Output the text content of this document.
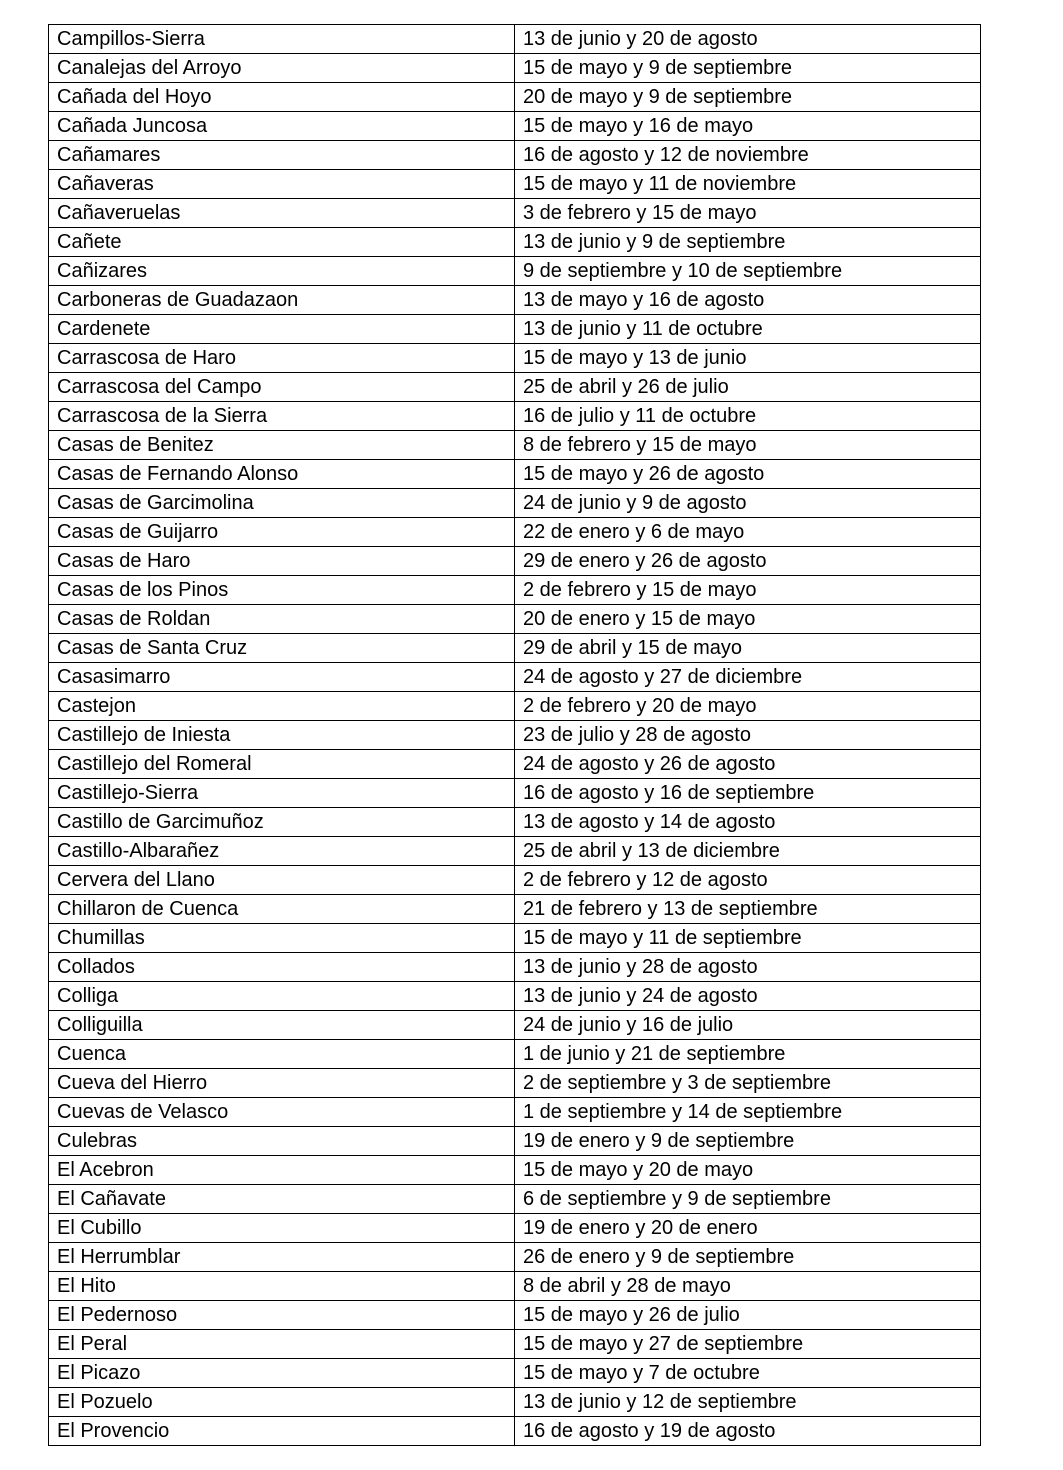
Campillos-Sierra	13 de junio y 20 de agosto
Canalejas del Arroyo	15 de mayo y 9 de septiembre
Cañada del Hoyo	20 de mayo y 9 de septiembre
Cañada Juncosa	15 de mayo y 16 de mayo
Cañamares	16 de agosto y 12 de noviembre
Cañaveras	15 de mayo y 11 de noviembre
Cañaveruelas	3 de febrero y 15 de mayo
Cañete	13 de junio y 9 de septiembre
Cañizares	9 de septiembre y 10 de septiembre
Carboneras de Guadazaon	13 de mayo y 16 de agosto
Cardenete	13 de junio y 11 de octubre
Carrascosa de Haro	15 de mayo y 13 de junio
Carrascosa del Campo	25 de abril y 26 de julio
Carrascosa de la Sierra	16 de julio y 11 de octubre
Casas de Benitez	8 de febrero y 15 de mayo
Casas de Fernando Alonso	15 de mayo y 26 de agosto
Casas de Garcimolina	24 de junio y 9 de agosto
Casas de Guijarro	22 de enero y 6 de mayo
Casas de Haro	29 de enero y 26 de agosto
Casas de los Pinos	2 de febrero y 15 de mayo
Casas de Roldan	20 de enero y 15 de mayo
Casas de Santa Cruz	29 de abril y 15 de mayo
Casasimarro	24 de agosto y 27 de diciembre
Castejon	2 de febrero y 20 de mayo
Castillejo de Iniesta	23 de julio y 28 de agosto
Castillejo del Romeral	24 de agosto y 26 de agosto
Castillejo-Sierra	16 de agosto y 16 de septiembre
Castillo de Garcimuñoz	13 de agosto y 14 de agosto
Castillo-Albarañez	25 de abril y 13 de diciembre
Cervera del Llano	2 de febrero y 12 de agosto
Chillaron de Cuenca	21 de febrero y 13 de septiembre
Chumillas	15 de mayo y 11 de septiembre
Collados	13 de junio y 28 de agosto
Colliga	13 de junio y 24 de agosto
Colliguilla	24 de junio y 16 de julio
Cuenca	1 de junio y 21 de septiembre
Cueva del Hierro	2 de septiembre y 3 de septiembre
Cuevas de Velasco	1 de septiembre y 14 de septiembre
Culebras	19 de enero y 9 de septiembre
El Acebron	15 de mayo y 20 de mayo
El Cañavate	6 de septiembre y 9 de septiembre
El Cubillo	19 de enero y 20 de enero
El Herrumblar	26 de enero y 9 de septiembre
El Hito	8 de abril y 28 de mayo
El Pedernoso	15 de mayo y 26 de julio
El Peral	15 de mayo y 27 de septiembre
El Picazo	15 de mayo y 7 de octubre
El Pozuelo	13 de junio y 12 de septiembre
El Provencio	16 de agosto y 19 de agosto
